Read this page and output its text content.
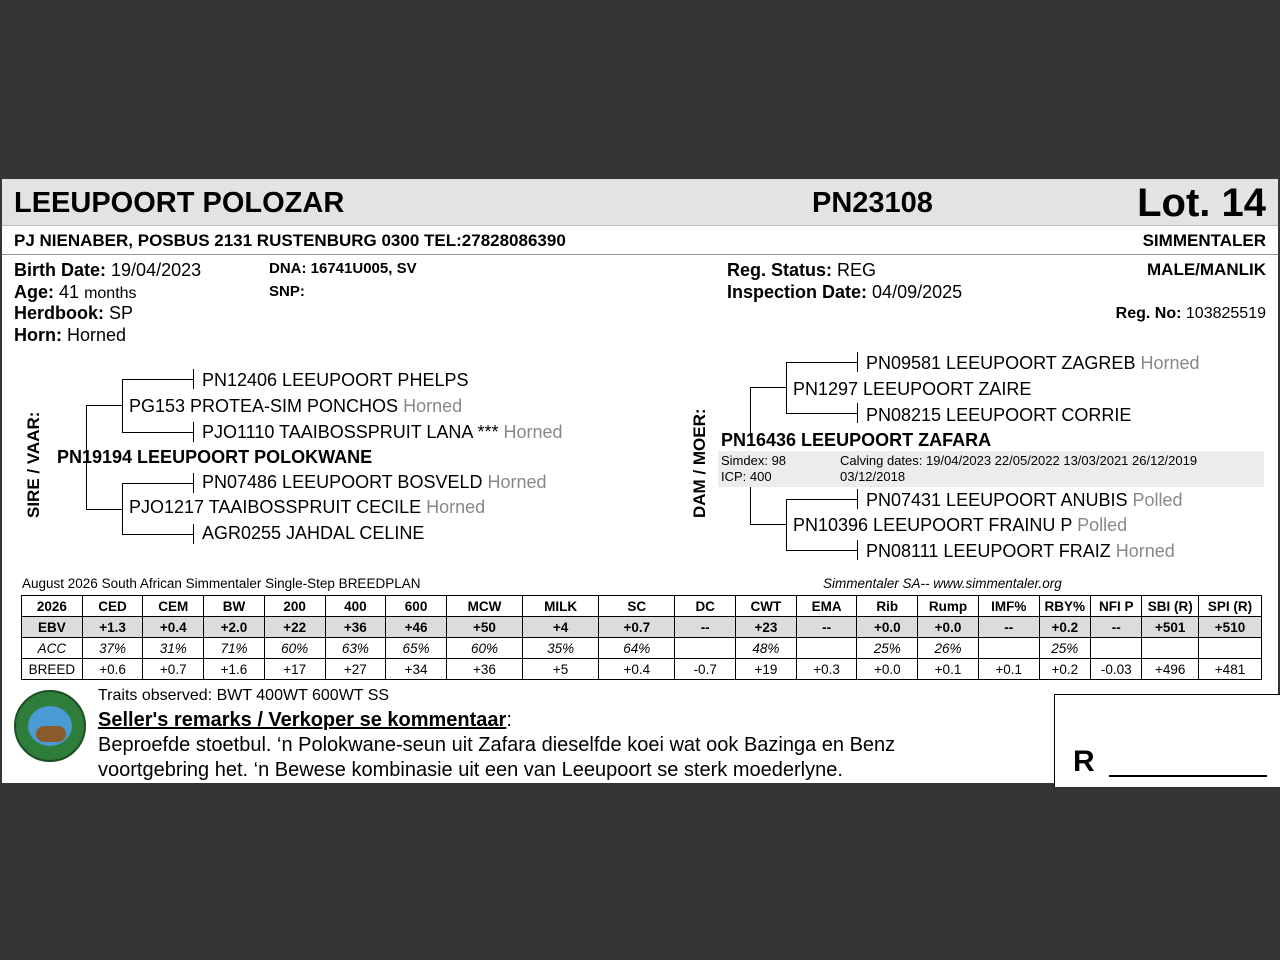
LEEUPOORT POLOZAR	PN23108	Lot. 14
PJ NIENABER, POSBUS 2131 RUSTENBURG 0300 TEL:27828086390	SIMMENTALER
Birth Date: 19/04/2023
Age: 41 months
Herdbook: SP
Horn: Horned
DNA: 16741U005, SV
SNP:
Reg. Status: REG
Inspection Date: 04/09/2025
MALE/MANLIK
Reg. No: 103825519
SIRE / VAAR:
PN12406 LEEUPOORT PHELPS
PG153 PROTEA-SIM PONCHOS Horned
PJO1110 TAAIBOSSPRUIT LANA *** Horned
PN19194 LEEUPOORT POLOKWANE
PN07486 LEEUPOORT BOSVELD Horned
PJO1217 TAAIBOSSPRUIT CECILE Horned
AGR0255 JAHDAL CELINE
DAM / MOER:
PN09581 LEEUPOORT ZAGREB Horned
PN1297 LEEUPOORT ZAIRE
PN08215 LEEUPOORT CORRIE
PN16436 LEEUPOORT ZAFARA
Simdex: 98
ICP: 400
Calving dates: 19/04/2023 22/05/2022 13/03/2021 26/12/2019
03/12/2018
PN07431 LEEUPOORT ANUBIS Polled
PN10396 LEEUPOORT FRAINU P Polled
PN08111 LEEUPOORT FRAIZ Horned
August 2026 South African Simmentaler Single-Step BREEDPLAN	Simmentaler SA-- www.simmentaler.org
2026	CED	CEM	BW	200	400	600	MCW	MILK	SC	DC	CWT	EMA	Rib	Rump	IMF%	RBY%	NFI P	SBI (R)	SPI (R)
EBV	+1.3	+0.4	+2.0	+22	+36	+46	+50	+4	+0.7	--	+23	--	+0.0	+0.0	--	+0.2	--	+501	+510
ACC	37%	31%	71%	60%	63%	65%	60%	35%	64%		48%		25%	26%		25%			
BREED	+0.6	+0.7	+1.6	+17	+27	+34	+36	+5	+0.4	-0.7	+19	+0.3	+0.0	+0.1	+0.1	+0.2	-0.03	+496	+481
Traits observed: BWT 400WT 600WT SS
Seller's remarks / Verkoper se kommentaar:
Beproefde stoetbul. ‘n Polokwane-seun uit Zafara dieselfde koei wat ook Bazinga en Benz
voortgebring het. ‘n Bewese kombinasie uit een van Leeupoort se sterk moederlyne.	R
